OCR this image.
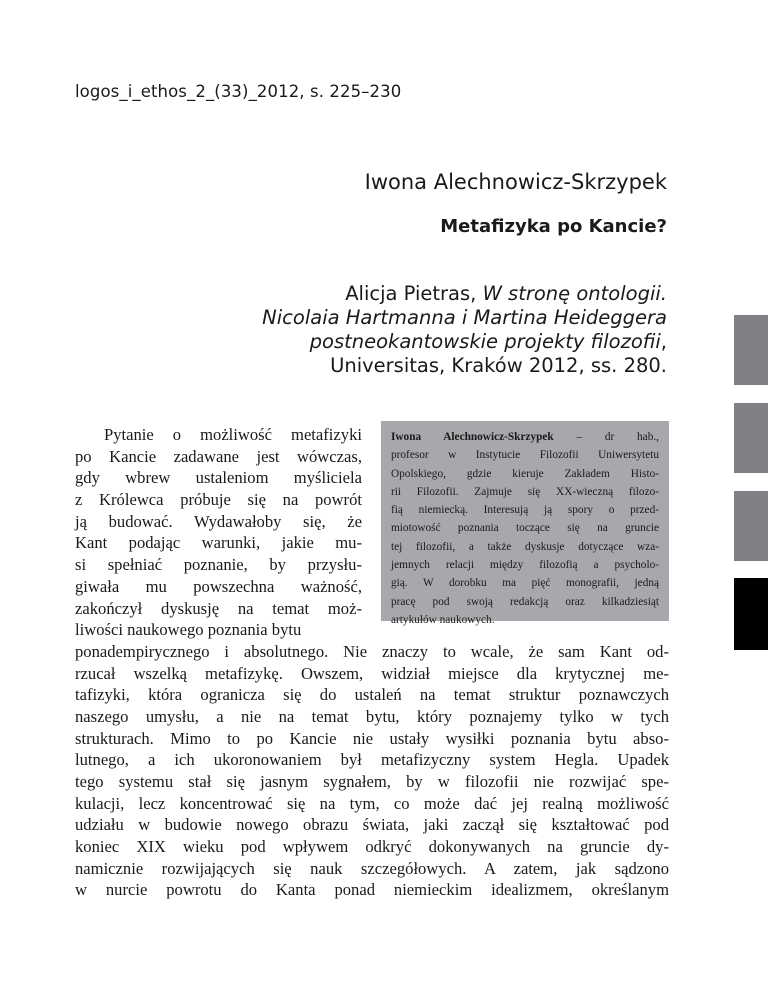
logos_i_ethos_2_(33)_2012, s. 225–230
Iwona Alechnowicz-Skrzypek
Metafizyka po Kancie?
Alicja Pietras, W stronę ontologii.
Nicolaia Hartmanna i Martina Heideggera
postneokantowskie projekty filozofii,
Universitas, Kraków 2012, ss. 280.
Iwona Alechnowicz-Skrzypek – dr hab.,
profesor w Instytucie Filozofii Uniwersytetu
Opolskiego, gdzie kieruje Zakładem Histo-
rii Filozofii. Zajmuje się XX-wieczną filozo-
fią niemiecką. Interesują ją spory o przed-
miotowość poznania toczące się na gruncie
tej filozofii, a także dyskusje dotyczące wza-
jemnych relacji między filozofią a psycholo-
gią. W dorobku ma pięć monografii, jedną
pracę pod swoją redakcją oraz kilkadziesiąt
artykułów naukowych.
Pytanie o możliwość metafizyki
po Kancie zadawane jest wówczas,
gdy wbrew ustaleniom myśliciela
z Królewca próbuje się na powrót
ją budować. Wydawałoby się, że
Kant podając warunki, jakie mu-
si spełniać poznanie, by przysłu-
giwała mu powszechna ważność,
zakończył dyskusję na temat moż-
liwości naukowego poznania bytu
ponadempirycznego i absolutnego. Nie znaczy to wcale, że sam Kant od-
rzucał wszelką metafizykę. Owszem, widział miejsce dla krytycznej me-
tafizyki, która ogranicza się do ustaleń na temat struktur poznawczych
naszego umysłu, a nie na temat bytu, który poznajemy tylko w tych
strukturach. Mimo to po Kancie nie ustały wysiłki poznania bytu abso-
lutnego, a ich ukoronowaniem był metafizyczny system Hegla. Upadek
tego systemu stał się jasnym sygnałem, by w filozofii nie rozwijać spe-
kulacji, lecz koncentrować się na tym, co może dać jej realną możliwość
udziału w budowie nowego obrazu świata, jaki zaczął się kształtować pod
koniec XIX wieku pod wpływem odkryć dokonywanych na gruncie dy-
namicznie rozwijających się nauk szczegółowych. A zatem, jak sądzono
w nurcie powrotu do Kanta ponad niemieckim idealizmem, określanym
